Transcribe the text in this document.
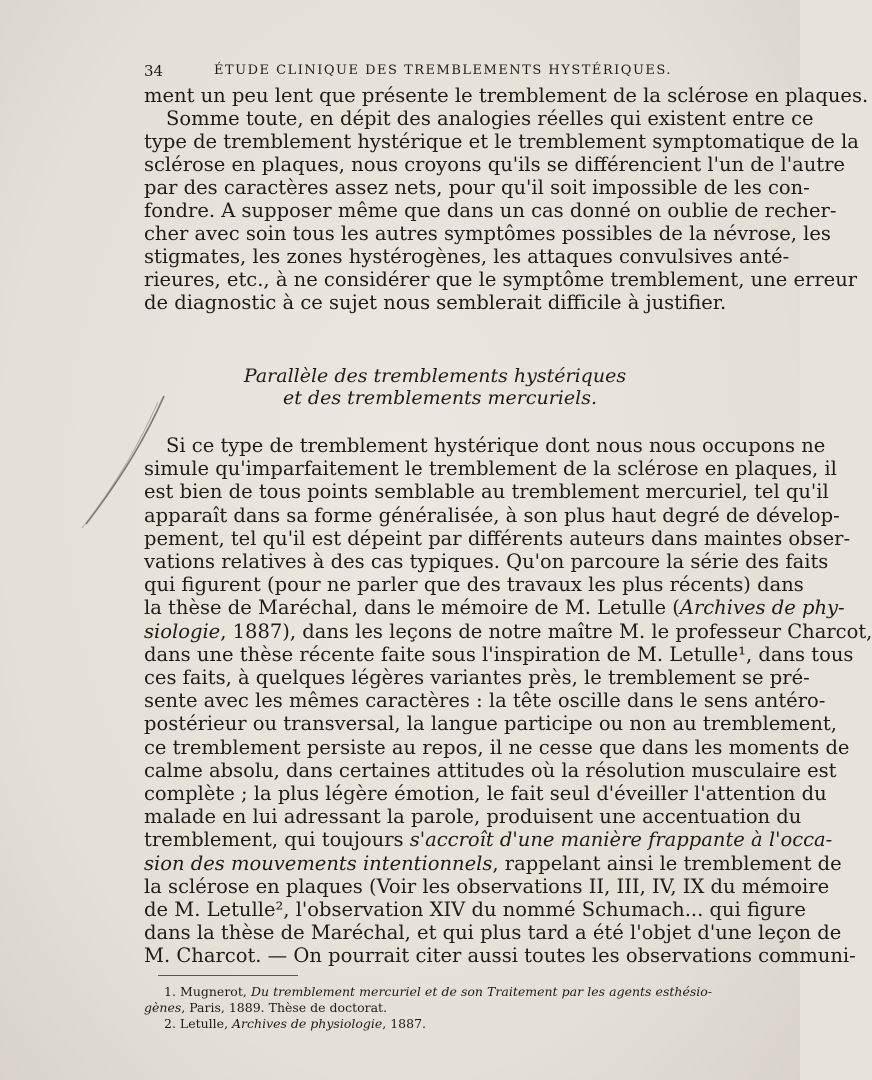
34	ÉTUDE CLINIQUE DES TREMBLEMENTS HYSTÉRIQUES.
ment un peu lent que présente le tremblement de la sclérose en plaques.
Somme toute, en dépit des analogies réelles qui existent entre ce
type de tremblement hystérique et le tremblement symptomatique de la
sclérose en plaques, nous croyons qu'ils se différencient l'un de l'autre
par des caractères assez nets, pour qu'il soit impossible de les con-
fondre. A supposer même que dans un cas donné on oublie de recher-
cher avec soin tous les autres symptômes possibles de la névrose, les
stigmates, les zones hystérogènes, les attaques convulsives anté-
rieures, etc., à ne considérer que le symptôme tremblement, une erreur
de diagnostic à ce sujet nous semblerait difficile à justifier.
Parallèle des tremblements hystériques
et des tremblements mercuriels.
Si ce type de tremblement hystérique dont nous nous occupons ne
simule qu'imparfaitement le tremblement de la sclérose en plaques, il
est bien de tous points semblable au tremblement mercuriel, tel qu'il
apparaît dans sa forme généralisée, à son plus haut degré de dévelop-
pement, tel qu'il est dépeint par différents auteurs dans maintes obser-
vations relatives à des cas typiques. Qu'on parcoure la série des faits
qui figurent (pour ne parler que des travaux les plus récents) dans
la thèse de Maréchal, dans le mémoire de M. Letulle (Archives de phy-
siologie, 1887), dans les leçons de notre maître M. le professeur Charcot,
dans une thèse récente faite sous l'inspiration de M. Letulle¹, dans tous
ces faits, à quelques légères variantes près, le tremblement se pré-
sente avec les mêmes caractères : la tête oscille dans le sens antéro-
postérieur ou transversal, la langue participe ou non au tremblement,
ce tremblement persiste au repos, il ne cesse que dans les moments de
calme absolu, dans certaines attitudes où la résolution musculaire est
complète ; la plus légère émotion, le fait seul d'éveiller l'attention du
malade en lui adressant la parole, produisent une accentuation du
tremblement, qui toujours s'accroît d'une manière frappante à l'occa-
sion des mouvements intentionnels, rappelant ainsi le tremblement de
la sclérose en plaques (Voir les observations II, III, IV, IX du mémoire
de M. Letulle², l'observation XIV du nommé Schumach... qui figure
dans la thèse de Maréchal, et qui plus tard a été l'objet d'une leçon de
M. Charcot. — On pourrait citer aussi toutes les observations communi-
1. Mugnerot, Du tremblement mercuriel et de son Traitement par les agents esthésio-
gènes, Paris, 1889. Thèse de doctorat.
2. Letulle, Archives de physiologie, 1887.
